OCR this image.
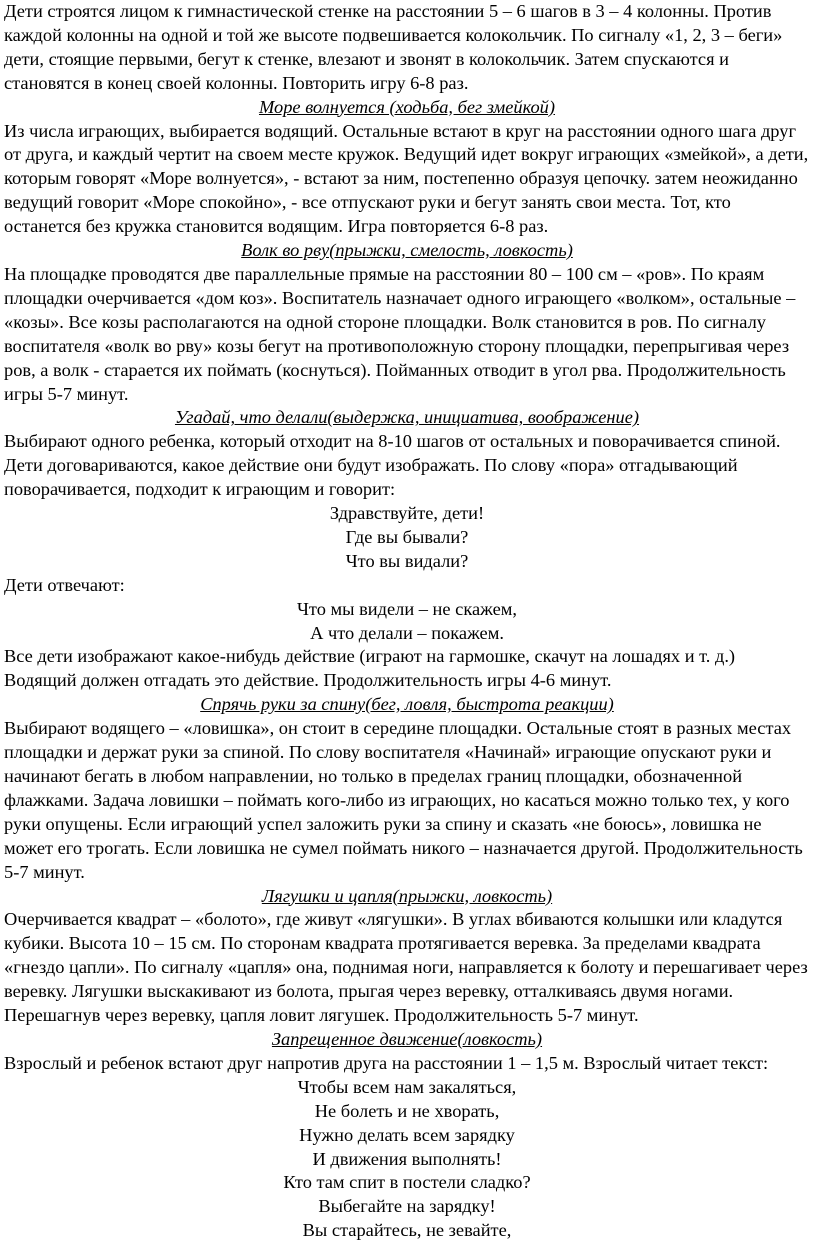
Дети строятся лицом к гимнастической стенке на расстоянии 5 – 6 шагов в 3 – 4 колонны. Против каждой колонны на одной и той же высоте подвешивается колокольчик. По сигналу «1, 2, 3 – беги» дети, стоящие первыми, бегут к стенке, влезают и звонят в колокольчик. Затем спускаются и становятся в конец своей колонны. Повторить игру 6-8 раз.

Море волнуется (ходьба, бег змейкой)

Из числа играющих, выбирается водящий. Остальные встают в круг на расстоянии одного шага друг от друга, и каждый чертит на своем месте кружок. Ведущий идет вокруг играющих «змейкой», а дети, которым говорят «Море волнуется», - встают за ним, постепенно образуя цепочку. затем неожиданно ведущий говорит «Море спокойно», - все отпускают руки и бегут занять свои места. Тот, кто останется без кружка становится водящим. Игра повторяется 6-8 раз.

Волк во рву(прыжки, смелость, ловкость)

На площадке проводятся две параллельные прямые на расстоянии 80 – 100 см – «ров». По краям площадки очерчивается «дом коз». Воспитатель назначает одного играющего «волком», остальные – «козы». Все козы располагаются на одной стороне площадки. Волк становится в ров. По сигналу воспитателя «волк во рву» козы бегут на противоположную сторону площадки, перепрыгивая через ров, а волк - старается их поймать (коснуться). Пойманных отводит в угол рва. Продолжительность игры 5-7 минут.

Угадай, что делали(выдержка, инициатива, воображение)

Выбирают одного ребенка, который отходит на 8-10 шагов от остальных и поворачивается спиной. Дети договариваются, какое действие они будут изображать. По слову «пора» отгадывающий поворачивается, подходит к играющим и говорит:

Здравствуйте, дети!

Где вы бывали?

Что вы видали?

Дети отвечают:

Что мы видели – не скажем,

А что делали – покажем.

Все дети изображают какое-нибудь действие (играют на гармошке, скачут на лошадях и т. д.) Водящий должен отгадать это действие. Продолжительность игры 4-6 минут.

Спрячь руки за спину(бег, ловля, быстрота реакции)

Выбирают водящего – «ловишка», он стоит в середине площадки. Остальные стоят в разных местах площадки и держат руки за спиной. По слову воспитателя «Начинай» играющие опускают руки и начинают бегать в любом направлении, но только в пределах границ площадки, обозначенной флажками. Задача ловишки – поймать кого-либо из играющих, но касаться можно только тех, у кого руки опущены. Если играющий успел заложить руки за спину и сказать «не боюсь», ловишка не может его трогать. Если ловишка не сумел поймать никого – назначается другой. Продолжительность 5-7 минут.

Лягушки и цапля(прыжки, ловкость)

Очерчивается квадрат – «болото», где живут «лягушки». В углах вбиваются колышки или кладутся кубики. Высота 10 – 15 см. По сторонам квадрата протягивается веревка. За пределами квадрата «гнездо цапли». По сигналу «цапля» она, поднимая ноги, направляется к болоту и перешагивает через веревку. Лягушки выскакивают из болота, прыгая через веревку, отталкиваясь двумя ногами. Перешагнув через веревку, цапля ловит лягушек. Продолжительность 5-7 минут.

Запрещенное движение(ловкость)

Взрослый и ребенок встают друг напротив друга на расстоянии 1 – 1,5 м. Взрослый читает текст:

Чтобы всем нам закаляться,

Не болеть и не хворать,

Нужно делать всем зарядку

И движения выполнять!

Кто там спит в постели сладко?

Выбегайте на зарядку!

Вы старайтесь, не зевайте,
